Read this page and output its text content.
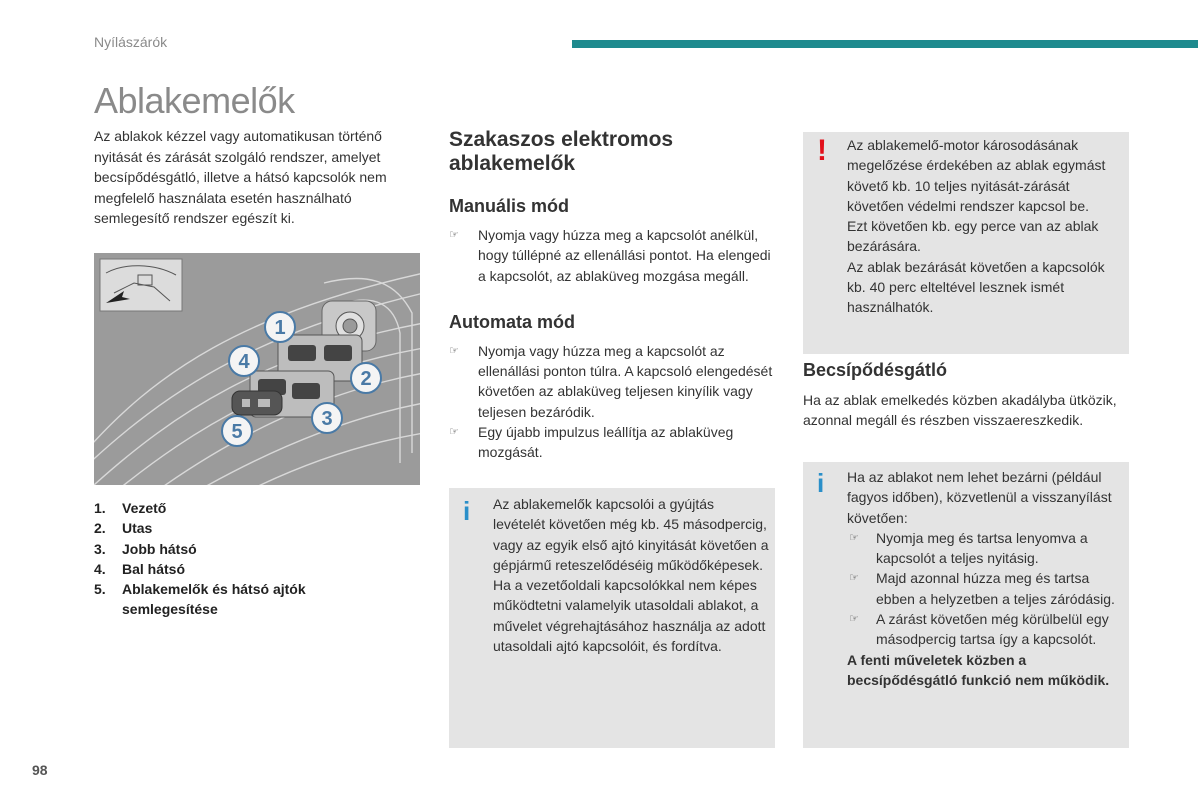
Nyílászárók
Ablakemelők

Az ablakok kézzel vagy automatikusan történő nyitását és zárását szolgáló rendszer, amelyet becsípődésgátló, illetve a hátsó kapcsolók nem megfelelő használata esetén használható semlegesítő rendszer egészít ki.

1
2
3
4
5
1.	Vezető
2.	Utas
3.	Jobb hátsó
4.	Bal hátsó
5.	Ablakemelők és hátsó ajtók semlegesítése
Szakaszos elektromos ablakemelők
Manuális mód
☞ Nyomja vagy húzza meg a kapcsolót anélkül, hogy túllépné az ellenállási pontot. Ha elengedi a kapcsolót, az ablaküveg mozgása megáll.
Automata mód
☞ Nyomja vagy húzza meg a kapcsolót az ellenállási ponton túlra. A kapcsoló elengedését követően az ablaküveg teljesen kinyílik vagy teljesen bezáródik.
☞ Egy újabb impulzus leállítja az ablaküveg mozgását.
i Az ablakemelők kapcsolói a gyújtás levételét követően még kb. 45 másodpercig, vagy az egyik első ajtó kinyitását követően a gépjármű reteszelődéséig működőképesek.
Ha a vezetőoldali kapcsolókkal nem képes működtetni valamelyik utasoldali ablakot, a művelet végrehajtásához használja az adott utasoldali ajtó kapcsolóit, és fordítva.

! Az ablakemelő-motor károsodásának megelőzése érdekében az ablak egymást követő kb. 10 teljes nyitását-zárását követően védelmi rendszer kapcsol be.
Ezt követően kb. egy perce van az ablak bezárására.
Az ablak bezárását követően a kapcsolók kb. 40 perc elteltével lesznek ismét használhatók.

Becsípődésgátló

Ha az ablak emelkedés közben akadályba ütközik, azonnal megáll és részben visszaereszkedik.

i Ha az ablakot nem lehet bezárni (például fagyos időben), közvetlenül a visszanyílást követően:
☞ Nyomja meg és tartsa lenyomva a kapcsolót a teljes nyitásig.
☞ Majd azonnal húzza meg és tartsa ebben a helyzetben a teljes záródásig.
☞ A zárást követően még körülbelül egy másodpercig tartsa így a kapcsolót.
A fenti műveletek közben a becsípődésgátló funkció nem működik.
98
